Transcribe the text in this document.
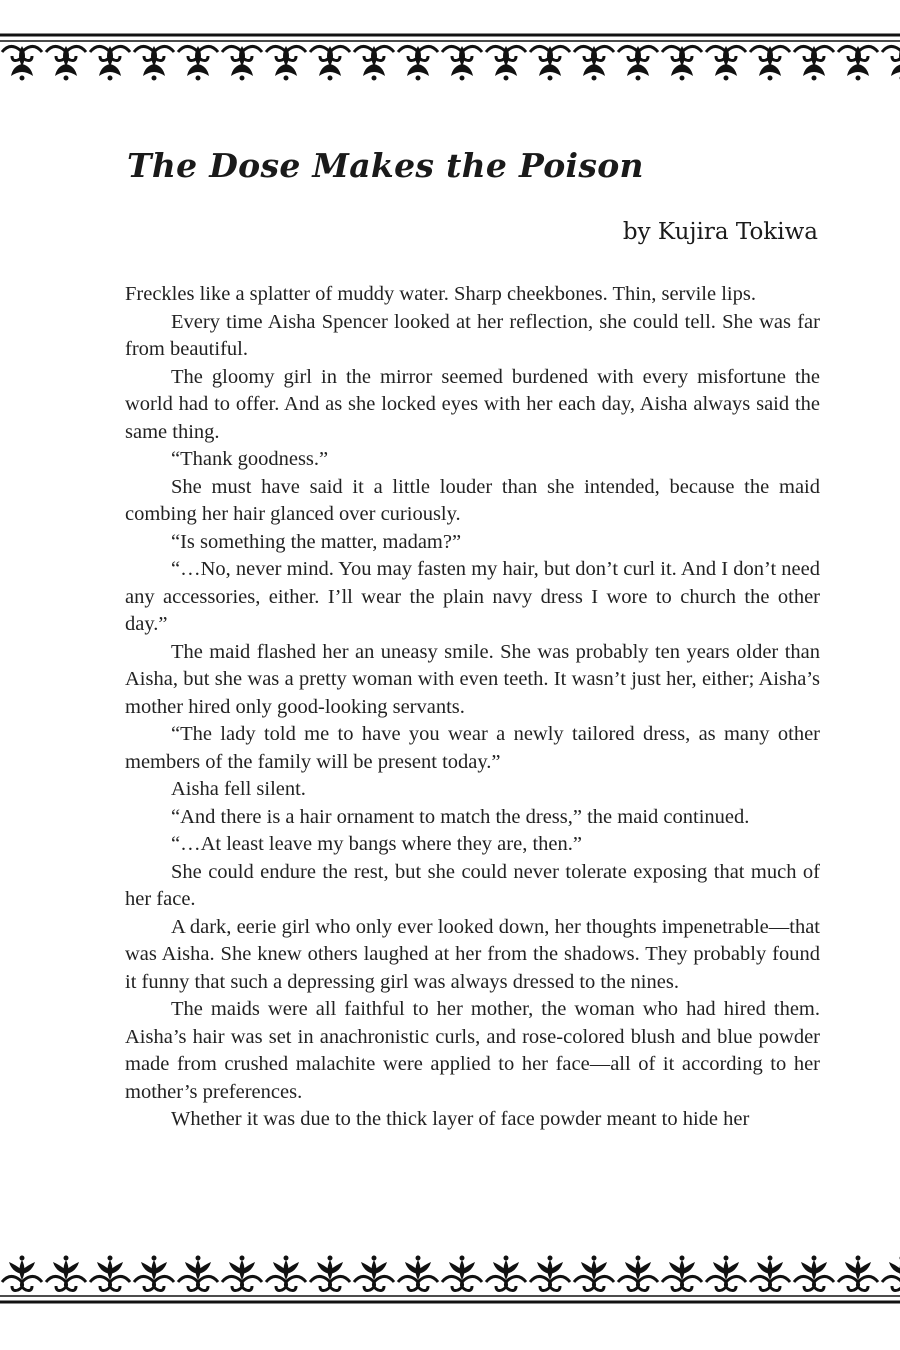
The Dose Makes the Poison

by Kujira Tokiwa

Freckles like a splatter of muddy water. Sharp cheekbones. Thin, servile lips.

Every time Aisha Spencer looked at her reflection, she could tell. She was far from beautiful.

The gloomy girl in the mirror seemed burdened with every misfortune the world had to offer. And as she locked eyes with her each day, Aisha always said the same thing.

“Thank goodness.”

She must have said it a little louder than she intended, because the maid combing her hair glanced over curiously.

“Is something the matter, madam?”

“…No, never mind. You may fasten my hair, but don’t curl it. And I don’t need any accessories, either. I’ll wear the plain navy dress I wore to church the other day.”

The maid flashed her an uneasy smile. She was probably ten years older than Aisha, but she was a pretty woman with even teeth. It wasn’t just her, either; Aisha’s mother hired only good-looking servants.

“The lady told me to have you wear a newly tailored dress, as many other members of the family will be present today.”

Aisha fell silent.

“And there is a hair ornament to match the dress,” the maid continued.

“…At least leave my bangs where they are, then.”

She could endure the rest, but she could never tolerate exposing that much of her face.

A dark, eerie girl who only ever looked down, her thoughts impenetrable—that was Aisha. She knew others laughed at her from the shadows. They probably found it funny that such a depressing girl was always dressed to the nines.

The maids were all faithful to her mother, the woman who had hired them. Aisha’s hair was set in anachronistic curls, and rose-colored blush and blue powder made from crushed malachite were applied to her face—all of it according to her mother’s preferences.

Whether it was due to the thick layer of face powder meant to hide her
